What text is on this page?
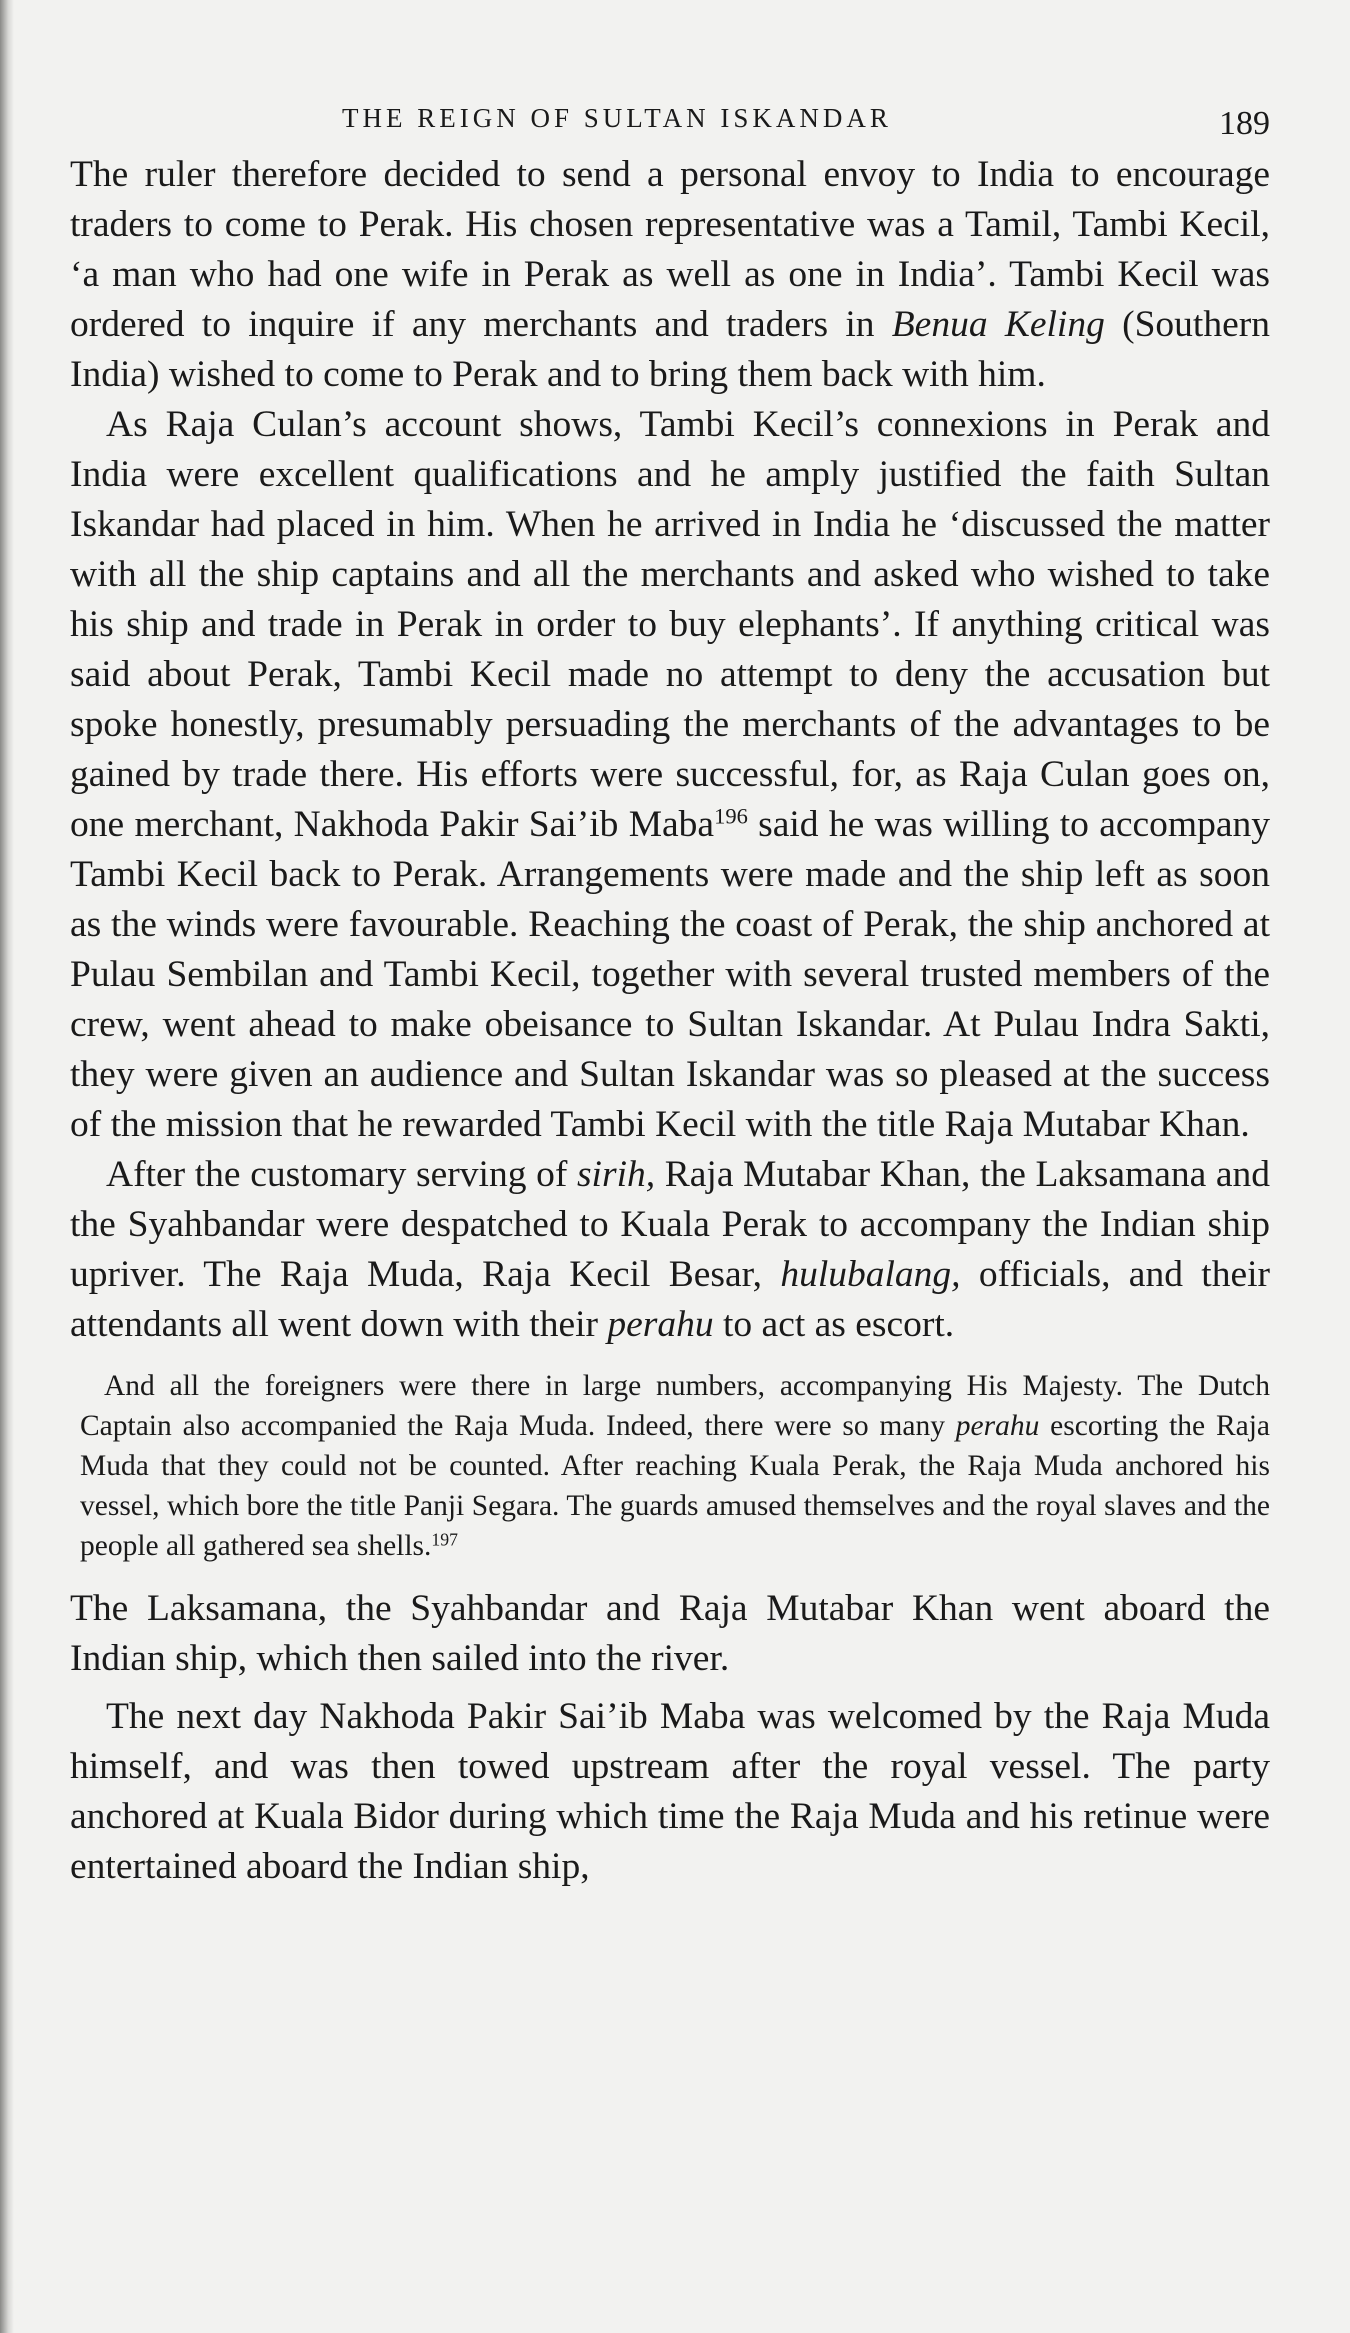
THE REIGN OF SULTAN ISKANDAR	189

The ruler therefore decided to send a personal envoy to India to encourage traders to come to Perak. His chosen representative was a Tamil, Tambi Kecil, ‘a man who had one wife in Perak as well as one in India’. Tambi Kecil was ordered to inquire if any merchants and traders in Benua Keling (Southern India) wished to come to Perak and to bring them back with him.

As Raja Culan’s account shows, Tambi Kecil’s connexions in Perak and India were excellent qualifications and he amply justified the faith Sultan Iskandar had placed in him. When he arrived in India he ‘discussed the matter with all the ship captains and all the merchants and asked who wished to take his ship and trade in Perak in order to buy elephants’. If anything critical was said about Perak, Tambi Kecil made no attempt to deny the accusation but spoke honestly, presumably persuading the merchants of the advantages to be gained by trade there. His efforts were successful, for, as Raja Culan goes on, one merchant, Nakhoda Pakir Sai’ib Maba$^{196}$ said he was willing to accompany Tambi Kecil back to Perak. Arrangements were made and the ship left as soon as the winds were favourable. Reaching the coast of Perak, the ship anchored at Pulau Sembilan and Tambi Kecil, together with several trusted members of the crew, went ahead to make obeisance to Sultan Iskandar. At Pulau Indra Sakti, they were given an audience and Sultan Iskandar was so pleased at the success of the mission that he rewarded Tambi Kecil with the title Raja Mutabar Khan.

After the customary serving of sirih, Raja Mutabar Khan, the Laksamana and the Syahbandar were despatched to Kuala Perak to accompany the Indian ship upriver. The Raja Muda, Raja Kecil Besar, hulubalang, officials, and their attendants all went down with their perahu to act as escort.

And all the foreigners were there in large numbers, accompanying His Majesty. The Dutch Captain also accompanied the Raja Muda. Indeed, there were so many perahu escorting the Raja Muda that they could not be counted. After reaching Kuala Perak, the Raja Muda anchored his vessel, which bore the title Panji Segara. The guards amused themselves and the royal slaves and the people all gathered sea shells.$^{197}$

The Laksamana, the Syahbandar and Raja Mutabar Khan went aboard the Indian ship, which then sailed into the river.

The next day Nakhoda Pakir Sai’ib Maba was welcomed by the Raja Muda himself, and was then towed upstream after the royal vessel. The party anchored at Kuala Bidor during which time the Raja Muda and his retinue were entertained aboard the Indian ship,
